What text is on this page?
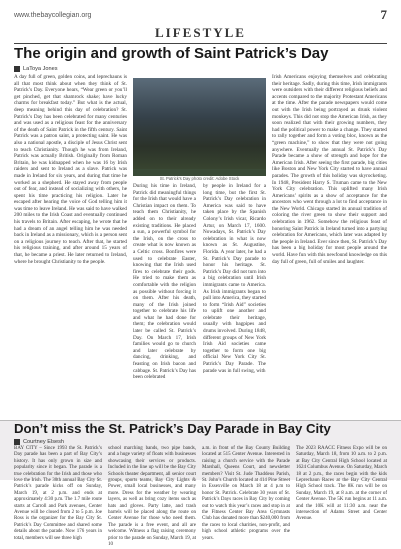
www.thebaycollegian.org	7
LIFESTYLE
The origin and growth of Saint Patrick’s Day
LaToya Jones
A day full of green, golden coins, and leprechauns is all that most think about when they think of St. Patrick’s Day. Everyone hears, “Wear green or you’ll get pinched, get that shamrock shake; have lucky charms for breakfast today.” But what is the actual, deep meaning behind this day of celebration? St. Patrick’s Day has been celebrated for many centuries and was used as a religious feast for the anniversary of the death of Saint Patrick in the fifth century. Saint Patrick was a patron saint, a protecting saint. He was also a national apostle, a disciple of Jesus Christ sent to teach Christianity. Though he was from Ireland, Patrick was actually British. Originally from Roman Britain, he was kidnapped when he was 16 by Irish raiders and sent to Ireland as a slave. Patrick was made in Ireland for six years, and during that time he worked as a shepherd. He stayed away from people out of fear, and instead of socializing with others, he spent his time practicing his religion. Later he escaped after hearing the voice of God telling him it was time to leave Ireland. He was said to have walked 200 miles to the Irish Coast and eventually continued his travels to Britain. After escaping, he wrote that he had a dream of an angel telling him he was needed back in Ireland as a missionary, which is a person sent on a religious journey to teach. After that, he started his religious training, and after around 15 years of that, he became a priest. He later returned to Ireland, where he brought Christianity to the people.
St. Patrick’s Day photo credit: Adobe Stock
During his time in Ireland, Patrick did meaningful things for the Irish that would have a Christian impact on them. To teach them Christianity, he added on to their already existing traditions. He placed a sun, a powerful symbol for the Irish, on the cross to create what is now known as a Celtic cross. Bonfires were used to celebrate Easter, knowing that the Irish used fires to celebrate their gods. He tried to make them as comfortable with the religion as possible without forcing it on them. After his death, many of the Irish joined together to celebrate his life and what he had done for them; the celebration would later be called St. Patrick’s Day. On March 17, Irish families would go to church and later celebrate by dancing, drinking, and feasting on Irish bacon and cabbage. St. Patrick’s Day has been celebrated
Irish Americans enjoying themselves and celebrating their heritage. Sadly, during this time, Irish immigrants were outsiders with their different religious beliefs and accents compared to the majority Protestant Americans at the time. After the parade newspapers would come out with the Irish being portrayed as drunk violent monkeys. This did not stop the American Irish, as they soon realized that with their growing numbers, they had the political power to make a change. They started to rally together and form a voting bloc, known as the “green machine,” to show that they were not going anywhere. Eventually the annual St. Patrick’s Day Parade became a show of strength and hope for the American Irish. After seeing the first parade, big cities like Boston and New York City started to have annual parades. The growth of this holiday was skyrocketing. In 1948, President Harry S. Truman came to the New York City celebration. This uplifted many Irish Americans’ spirits as a show of acceptance for the ancestors who went through a lot to find acceptance in the New World. Chicago started its annual tradition of coloring the river green to show their support and celebration in 1962. Somehow the religious feast of honoring Saint Patrick in Ireland turned into a partying celebration for Americans, which later was adapted by the people in Ireland. Ever since then, St. Patrick’s Day has been a big holiday for most people around the world. Have fun with this newfound knowledge on this day full of green, full of smiles and laughter.
by people in Ireland for a long time, but the first St. Patrick’s Day celebration in America was said to have taken place by the Spanish Colony’s Irish vicar, Ricardo Artur, on March 17, 1600. Nowadays, St. Patrick’s Day celebration in what is now known as St. Augustine, Florida. A year later, he had a St. Patrick’s Day parade to honor his heritage. St. Patrick’s Day did not turn into a big celebration until Irish immigrants came to America. As Irish immigrants began to pull into America, they started to form “Irish Aid” societies to uplift one another and celebrate their heritage, usually with bagpipes and drums involved. During 1848, different groups of New York Irish Aid societies came together to form one big official New York City St. Patrick’s Day Parade. The parade was in full swing, with
Don’t miss the St. Patrick’s Day Parade in Bay City
Courtney Elsesh
BAY CITY – Since 1993 the St. Patrick’s Day parade has been a part of Bay City’s history. It has only grown in size and popularity since it began. The parade is a true celebration for the Irish and those who love the Irish. The 30th annual Bay City St. Patrick’s parade kicks off on Sunday, March 19, at 2 p.m. and ends at approximately 4:30 p.m. The 1.7 mile route starts at Carroll and Park avenues, Center Avenue will be closed from 2 to 5 p.m. Joe Ross is the organizer for the Bay City St. Patrick’s Day Committee and shared some details about the parade. Now 176 years in total, members will see three high
school marching bands, two pipe bands, and a huge variety of floats with businesses showcasing their services or products. Included in the line up will be the Bay City Schools theater department, all senior court groups, sports teams, Bay City Lights & Power, small local businesses, and many more. Dress for the weather by wearing layers, as well as bring cozy items such as hats and gloves. Party latte, and trash barrels will be placed along the route on Center Avenue for those who need them. The parade is a free event, and all are welcome. Witness a flag raising ceremony prior to the parade on Sunday, March 19, at 10
a.m. in front of the Bay County Building located at 515 Center Avenue. Interested in raising a church service with the Parade Marshall, Queens Court, and newsletter members? Visit St. Jude Thaddeus Parish, St. John’s Church located at 414 Pine Street in Essexville on March 18 at 4 p.m to honor St. Patrick. Celebrate 30 years of St. Patrick’s Days races in Bay City by coming out to watch this year’s races and stop in at the Fitness Center Bay Area Gymnasts Club has donated more than $240,000 from the races to local charities, non-profit, and high school athletic programs over the years.
The 2023 RAACC Fitness Expo will be on Saturday, March 18, from 10 a.m. to 2 p.m. at Bay City Central High School located at 1624 Columbus Avenue. On Saturday, March 18 at 2 p.m., the races begin with the kids Leprechaun Races at the Bay City Central High School track. The 8K run will be on Sunday, March 19, at 8 a.m. at the corner of Center Avenue. The 5K run begins at 11 a.m. and the 10K will at 11:30 a.m. near the intersection of Adams Street and Center Avenue.
